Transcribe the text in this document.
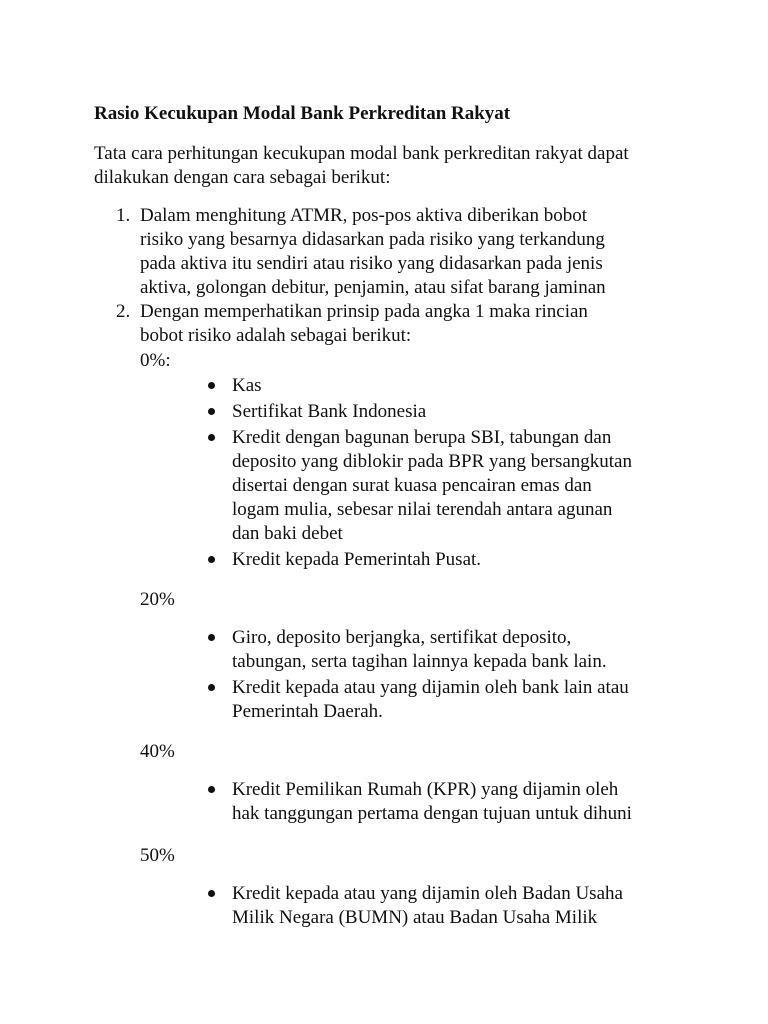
Rasio Kecukupan Modal Bank Perkreditan Rakyat
Tata cara perhitungan kecukupan modal bank perkreditan rakyat dapat
dilakukan dengan cara sebagai berikut:
1. Dalam menghitung ATMR, pos-pos aktiva diberikan bobot
risiko yang besarnya didasarkan pada risiko yang terkandung
pada aktiva itu sendiri atau risiko yang didasarkan pada jenis
aktiva, golongan debitur, penjamin, atau sifat barang jaminan
2. Dengan memperhatikan prinsip pada angka 1 maka rincian
bobot risiko adalah sebagai berikut:
0%:
Kas
Sertifikat Bank Indonesia
Kredit dengan bagunan berupa SBI, tabungan dan
deposito yang diblokir pada BPR yang bersangkutan
disertai dengan surat kuasa pencairan emas dan
logam mulia, sebesar nilai terendah antara agunan
dan baki debet
Kredit kepada Pemerintah Pusat.
20%
Giro, deposito berjangka, sertifikat deposito,
tabungan, serta tagihan lainnya kepada bank lain.
Kredit kepada atau yang dijamin oleh bank lain atau
Pemerintah Daerah.
40%
Kredit Pemilikan Rumah (KPR) yang dijamin oleh
hak tanggungan pertama dengan tujuan untuk dihuni
50%
Kredit kepada atau yang dijamin oleh Badan Usaha
Milik Negara (BUMN) atau Badan Usaha Milik
